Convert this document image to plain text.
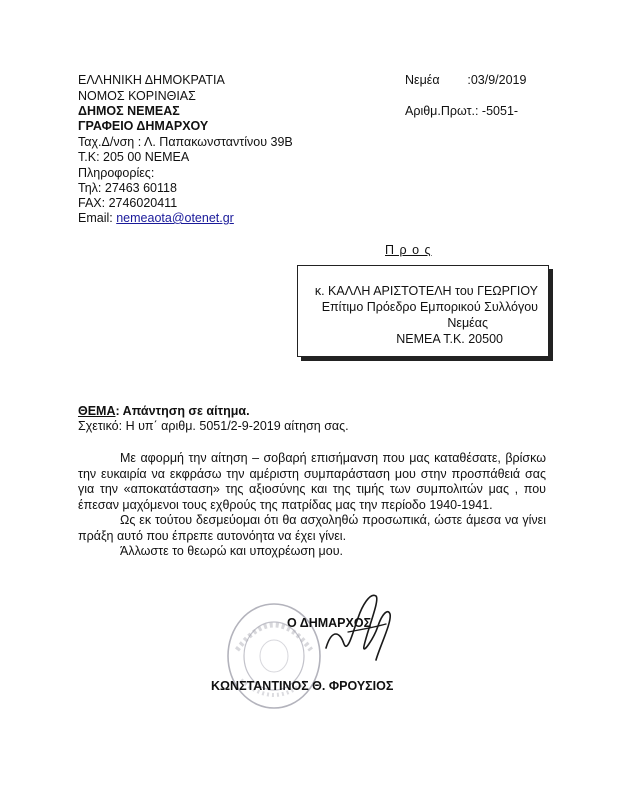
ΕΛΛΗΝΙΚΗ ΔΗΜΟΚΡΑΤΙΑ
ΝΟΜΟΣ ΚΟΡΙΝΘΙΑΣ
ΔΗΜΟΣ ΝΕΜΕΑΣ
ΓΡΑΦΕΙΟ ΔΗΜΑΡΧΟΥ
Ταχ.Δ/νση : Λ. Παπακωνσταντίνου 39Β
Τ.Κ: 205 00 ΝΕΜΕΑ
Πληροφορίες:
Τηλ: 27463 60118
FAX: 2746020411
Email: nemeaota@otenet.gr
Νεμέα        :03/9/2019
Αριθμ.Πρωτ.: -5051-
Π ρ ο ς
κ. ΚΑΛΛΗ ΑΡΙΣΤΟΤΕΛΗ του ΓΕΩΡΓΙΟΥ
Επίτιμο Πρόεδρο Εμπορικού Συλλόγου
Νεμέας
ΝΕΜΕΑ Τ.Κ. 20500
ΘΕΜΑ: Απάντηση σε αίτημα.
Σχετικό: Η υπ΄ αριθμ. 5051/2-9-2019 αίτηση σας.

Με αφορμή την αίτηση – σοβαρή επισήμανση που μας καταθέσατε, βρίσκω την ευκαιρία να εκφράσω την αμέριστη συμπαράσταση μου στην προσπάθειά σας για την «αποκατάσταση» της αξιοσύνης και της τιμής των συμπολιτών μας , που έπεσαν μαχόμενοι τους εχθρούς της πατρίδας μας την περίοδο 1940-1941.

Ως εκ τούτου δεσμεύομαι ότι θα ασχοληθώ προσωπικά, ώστε άμεσα να γίνει πράξη αυτό που έπρεπε αυτονόητα να έχει γίνει.

Άλλωστε το θεωρώ και υποχρέωση μου.

Ο ΔΗΜΑΡΧΟΣ
ΚΩΝΣΤΑΝΤΙΝΟΣ Θ. ΦΡΟΥΣΙΟΣ
